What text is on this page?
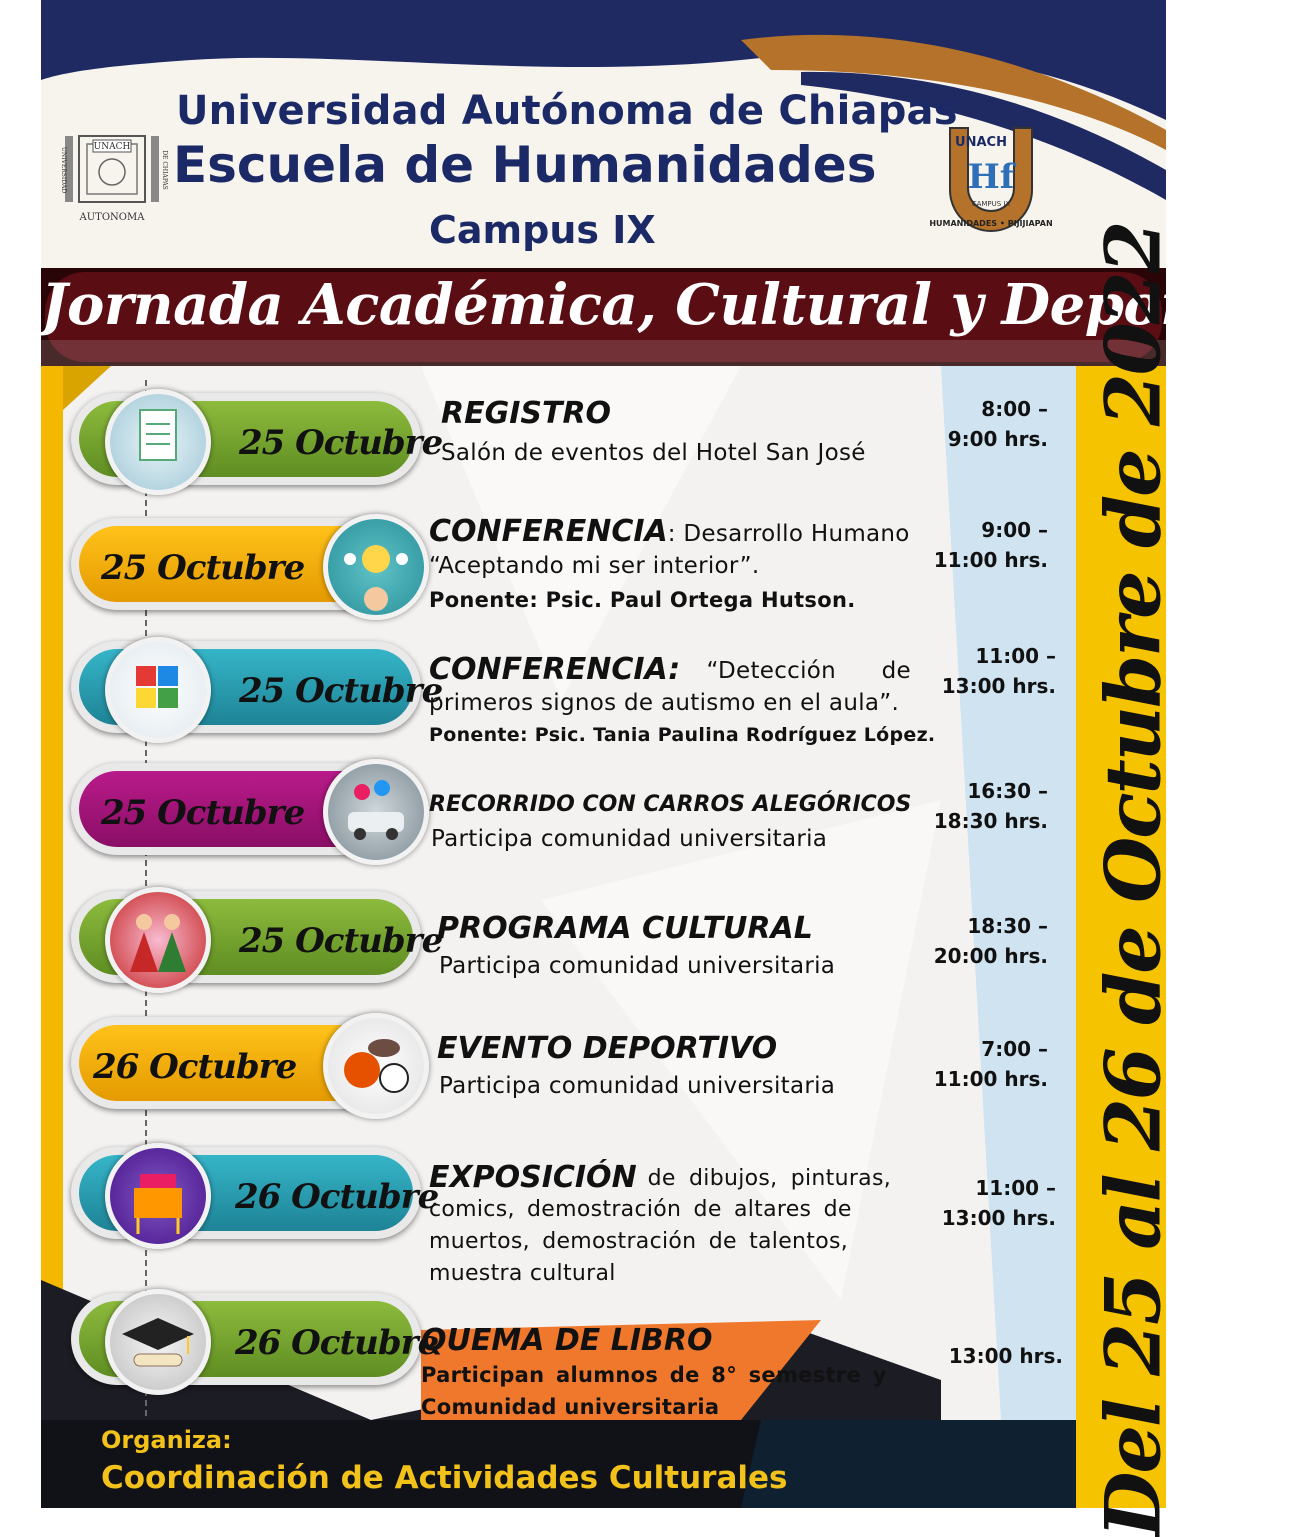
UNACH
UNIVERSIDAD	DE CHIAPAS
AUTONOMA
UNACH
Hf
CAMPUS IX
HUMANIDADES • PIJIJIAPAN
Universidad Autónoma de Chiapas
Escuela de Humanidades
Campus IX
Jornada Académica, Cultural y Deportiva
25 Octubre
REGISTRO
Salón de eventos del Hotel San José
8:00 –
9:00 hrs.
25 Octubre
CONFERENCIA: Desarrollo Humano
“Aceptando mi ser interior”.
Ponente: Psic. Paul Ortega Hutson.
9:00 –
11:00 hrs.
25 Octubre
CONFERENCIA: “Detección de
primeros signos de autismo en el aula”.
Ponente: Psic. Tania Paulina Rodríguez López.
11:00 –
13:00 hrs.
25 Octubre	RECORRIDO CON CARROS ALEGÓRICOS
Participa comunidad universitaria
16:30 –
18:30 hrs.
25 Octubre
PROGRAMA CULTURAL
Participa comunidad universitaria
18:30 –
20:00 hrs.
26 Octubre	EVENTO DEPORTIVO
Participa comunidad universitaria
7:00 –
11:00 hrs.
26 Octubre
EXPOSICIÓN de dibujos, pinturas,
comics, demostración de altares de
muertos, demostración de talentos,
muestra cultural
11:00 –
13:00 hrs.
26 Octubre
QUEMA DE LIBRO
Participan alumnos de 8° semestre y
Comunidad universitaria
13:00 hrs. Del 25 al 26 de Octubre de 2022
Organiza:
Coordinación de Actividades Culturales
